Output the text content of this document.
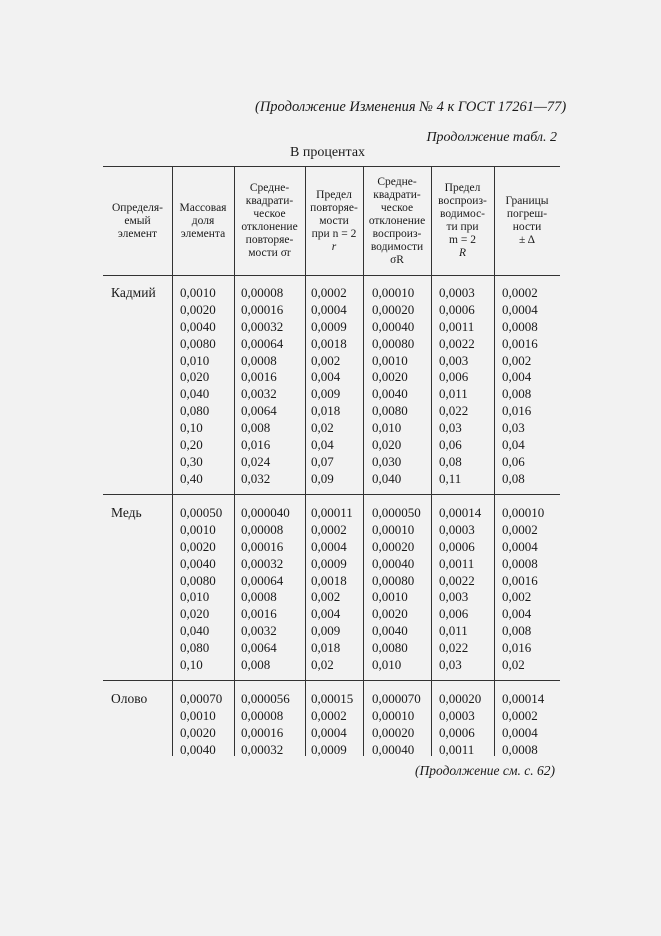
(Продолжение Изменения № 4 к ГОСТ 17261—77)
Продолжение табл. 2
В процентах
Определя-
емый
элемент
Массовая
доля
элемента
Средне-
квадрати-
ческое
отклонение
повторяе-
мости σr
Предел
повторяе-
мости
при n = 2
r
Средне-
квадрати-
ческое
отклонение
воспроиз-
водимости
σR
Предел
воспроиз-
водимос-
ти при
m = 2
R
Границы
погреш-
ности
± Δ
Кадмий
Медь
Олово
0,0010
0,0020
0,0040
0,0080
0,010
0,020
0,040
0,080
0,10
0,20
0,30
0,40
0,00008
0,00016
0,00032
0,00064
0,0008
0,0016
0,0032
0,0064
0,008
0,016
0,024
0,032
0,0002
0,0004
0,0009
0,0018
0,002
0,004
0,009
0,018
0,02
0,04
0,07
0,09
0,00010
0,00020
0,00040
0,00080
0,0010
0,0020
0,0040
0,0080
0,010
0,020
0,030
0,040
0,0003
0,0006
0,0011
0,0022
0,003
0,006
0,011
0,022
0,03
0,06
0,08
0,11
0,0002
0,0004
0,0008
0,0016
0,002
0,004
0,008
0,016
0,03
0,04
0,06
0,08
0,00050
0,0010
0,0020
0,0040
0,0080
0,010
0,020
0,040
0,080
0,10
0,000040
0,00008
0,00016
0,00032
0,00064
0,0008
0,0016
0,0032
0,0064
0,008
0,00011
0,0002
0,0004
0,0009
0,0018
0,002
0,004
0,009
0,018
0,02
0,000050
0,00010
0,00020
0,00040
0,00080
0,0010
0,0020
0,0040
0,0080
0,010
0,00014
0,0003
0,0006
0,0011
0,0022
0,003
0,006
0,011
0,022
0,03
0,00010
0,0002
0,0004
0,0008
0,0016
0,002
0,004
0,008
0,016
0,02
0,00070
0,0010
0,0020
0,0040
0,000056
0,00008
0,00016
0,00032
0,00015
0,0002
0,0004
0,0009
0,000070
0,00010
0,00020
0,00040
0,00020
0,0003
0,0006
0,0011
0,00014
0,0002
0,0004
0,0008
(Продолжение см. с. 62)
